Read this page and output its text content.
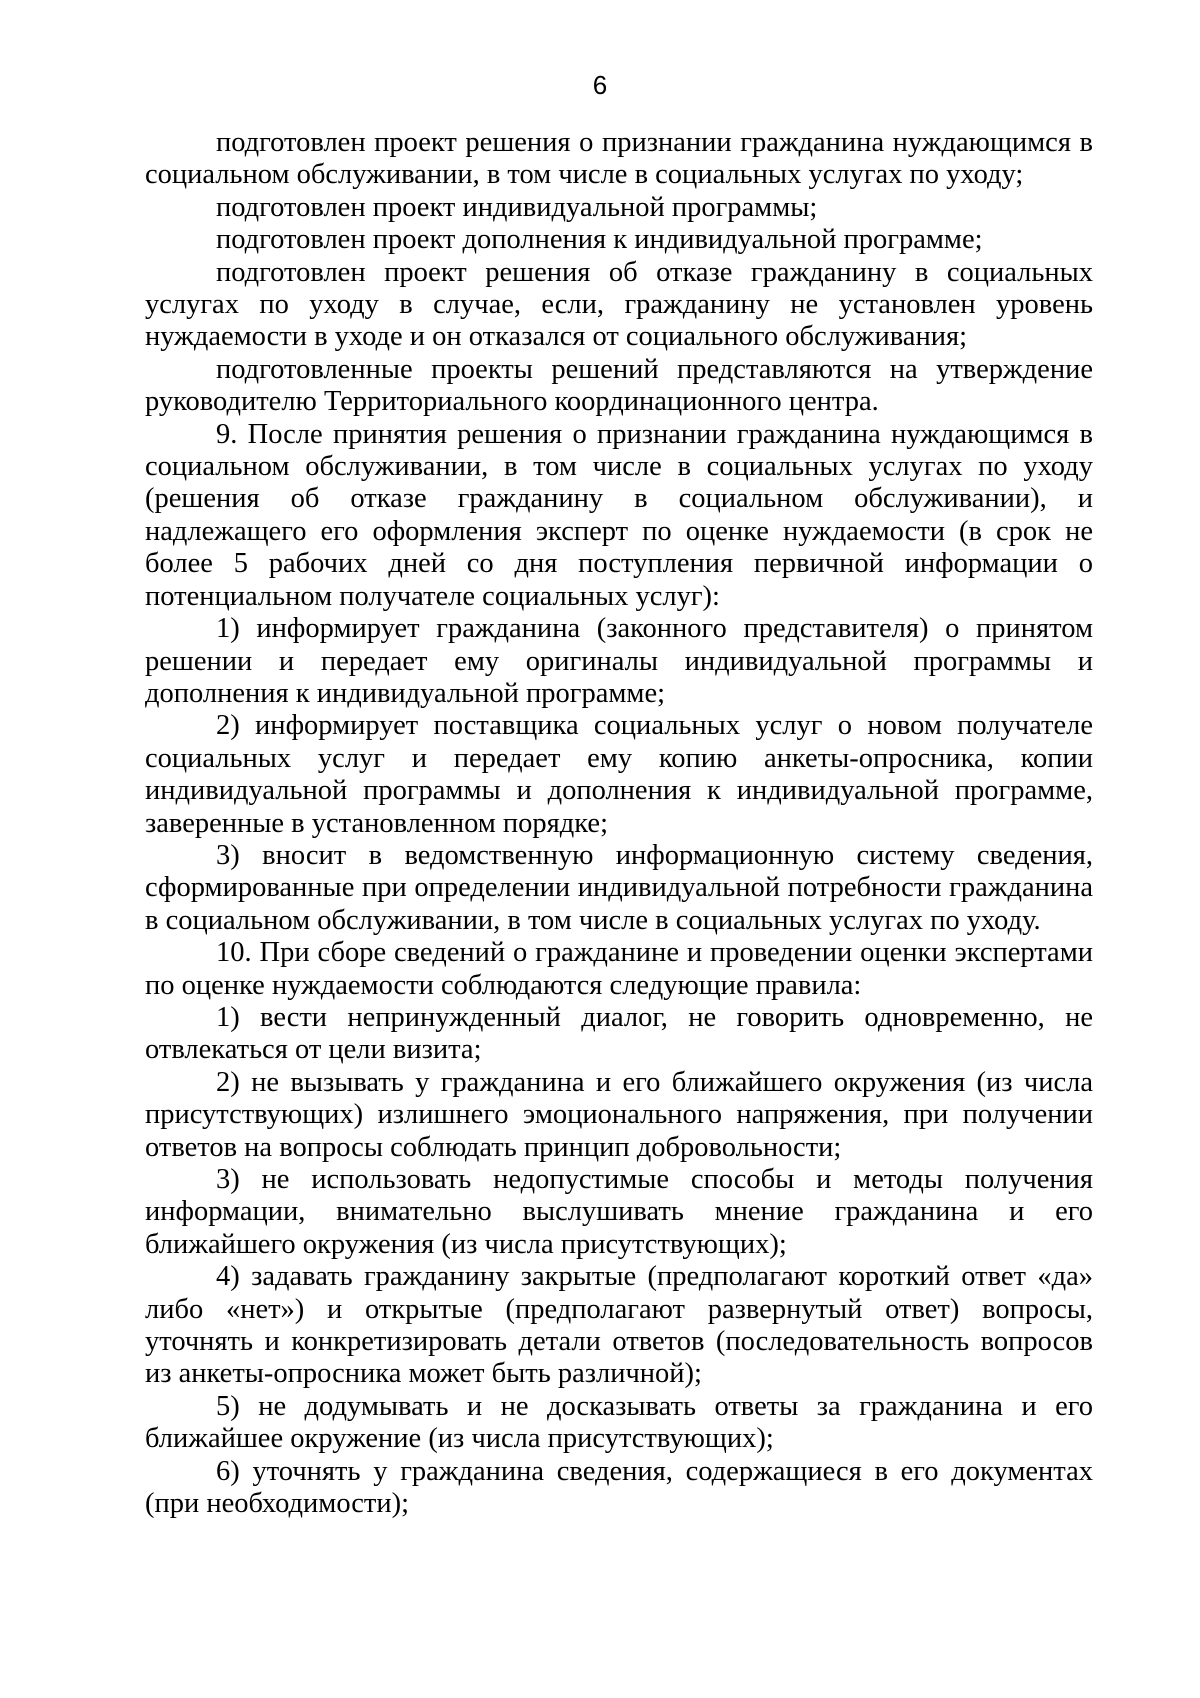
6

подготовлен проект решения о признании гражданина нуждающимся в социальном обслуживании, в том числе в социальных услугах по уходу;

подготовлен проект индивидуальной программы;

подготовлен проект дополнения к индивидуальной программе;

подготовлен проект решения об отказе гражданину в социальных услугах по уходу в случае, если, гражданину не установлен уровень нуждаемости в уходе и он отказался от социального обслуживания;

подготовленные проекты решений представляются на утверждение руководителю Территориального координационного центра.

9. После принятия решения о признании гражданина нуждающимся в социальном обслуживании, в том числе в социальных услугах по уходу (решения об отказе гражданину в социальном обслуживании), и надлежащего его оформления эксперт по оценке нуждаемости (в срок не более 5 рабочих дней со дня поступления первичной информации о потенциальном получателе социальных услуг):

1) информирует гражданина (законного представителя) о принятом решении и передает ему оригиналы индивидуальной программы и дополнения к индивидуальной программе;

2) информирует поставщика социальных услуг о новом получателе социальных услуг и передает ему копию анкеты-опросника, копии индивидуальной программы и дополнения к индивидуальной программе, заверенные в установленном порядке;

3) вносит в ведомственную информационную систему сведения, сформированные при определении индивидуальной потребности гражданина в социальном обслуживании, в том числе в социальных услугах по уходу.

10. При сборе сведений о гражданине и проведении оценки экспертами по оценке нуждаемости соблюдаются следующие правила:

1) вести непринужденный диалог, не говорить одновременно, не отвлекаться от цели визита;

2) не вызывать у гражданина и его ближайшего окружения (из числа присутствующих) излишнего эмоционального напряжения, при получении ответов на вопросы соблюдать принцип добровольности;

3) не использовать недопустимые способы и методы получения информации, внимательно выслушивать мнение гражданина и его ближайшего окружения (из числа присутствующих);

4) задавать гражданину закрытые (предполагают короткий ответ «да» либо «нет») и открытые (предполагают развернутый ответ) вопросы, уточнять и конкретизировать детали ответов (последовательность вопросов из анкеты-опросника может быть различной);

5) не додумывать и не досказывать ответы за гражданина и его ближайшее окружение (из числа присутствующих);

6) уточнять у гражданина сведения, содержащиеся в его документах (при необходимости);
